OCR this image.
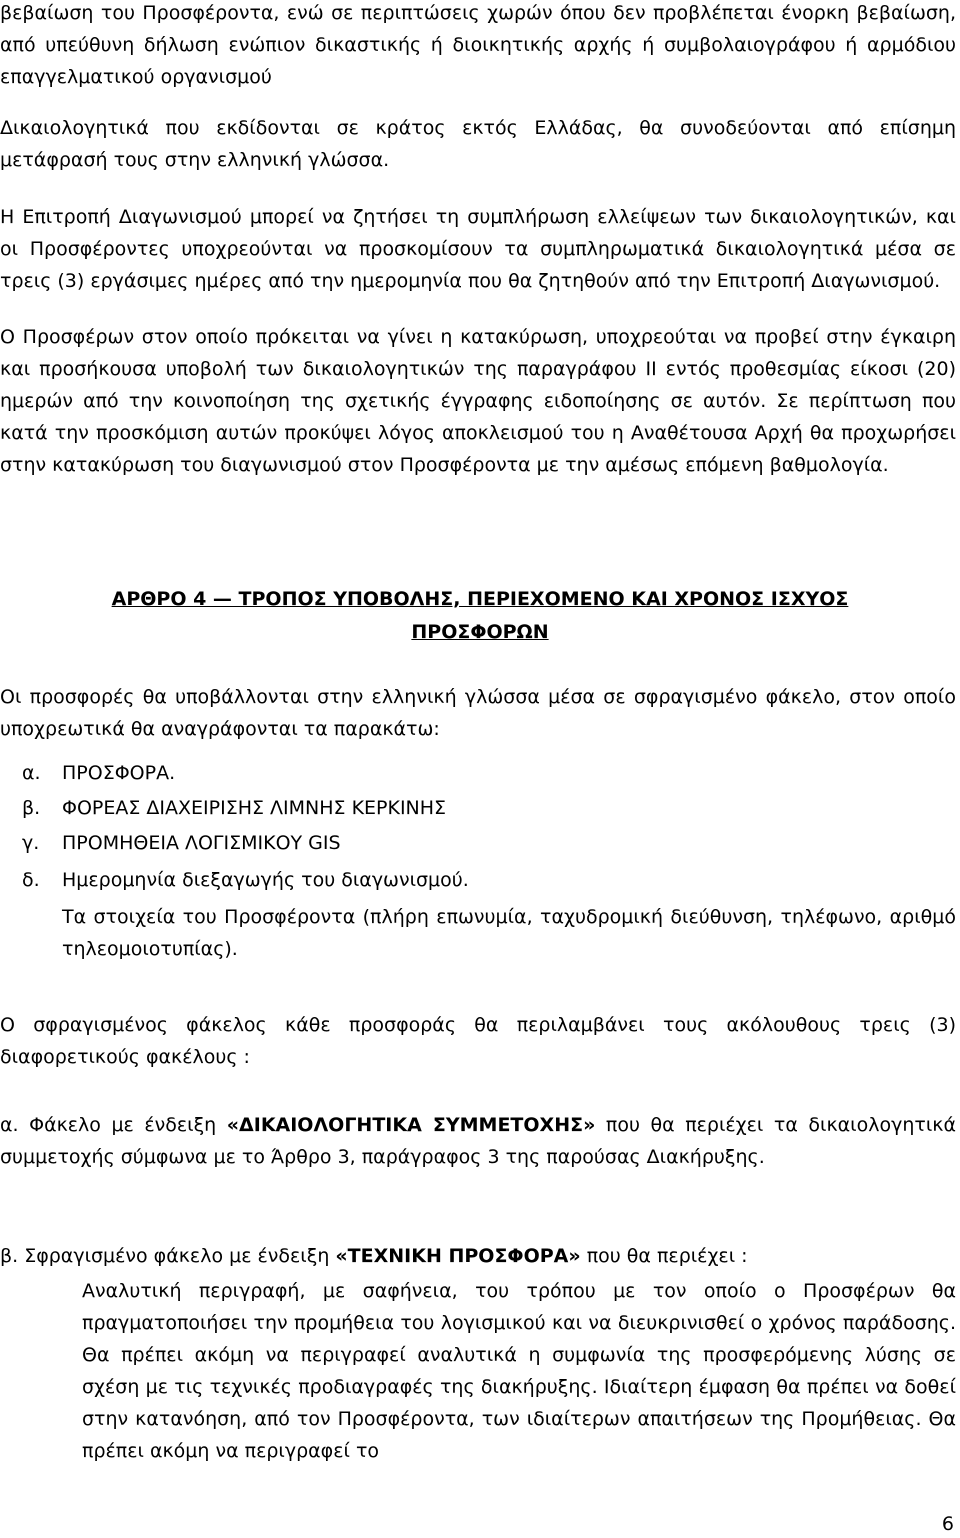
βεβαίωση του Προσφέροντα, ενώ σε περιπτώσεις χωρών όπου δεν προβλέπεται ένορκη βεβαίωση, από υπεύθυνη δήλωση ενώπιον δικαστικής ή διοικητικής αρχής ή συμβολαιογράφου ή αρμόδιου επαγγελματικού οργανισμού

Δικαιολογητικά που εκδίδονται σε κράτος εκτός Ελλάδας, θα συνοδεύονται από επίσημη μετάφρασή τους στην ελληνική γλώσσα.

Η Επιτροπή Διαγωνισμού μπορεί να ζητήσει τη συμπλήρωση ελλείψεων των δικαιολογητικών, και οι Προσφέροντες υποχρεούνται να προσκομίσουν τα συμπληρωματικά δικαιολογητικά μέσα σε τρεις (3) εργάσιμες ημέρες από την ημερομηνία που θα ζητηθούν από την Επιτροπή Διαγωνισμού.

Ο Προσφέρων στον οποίο πρόκειται να γίνει η κατακύρωση, υποχρεούται να προβεί στην έγκαιρη και προσήκουσα υποβολή των δικαιολογητικών της παραγράφου ΙΙ εντός προθεσμίας είκοσι (20) ημερών από την κοινοποίηση της σχετικής έγγραφης ειδοποίησης σε αυτόν. Σε περίπτωση που κατά την προσκόμιση αυτών προκύψει λόγος αποκλεισμού του η Αναθέτουσα Αρχή θα προχωρήσει στην κατακύρωση του διαγωνισμού στον Προσφέροντα με την αμέσως επόμενη βαθμολογία.

ΑΡΘΡΟ 4 — ΤΡΟΠΟΣ ΥΠΟΒΟΛΗΣ, ΠΕΡΙΕΧΟΜΕΝΟ ΚΑΙ ΧΡΟΝΟΣ ΙΣΧΥΟΣ
ΠΡΟΣΦΟΡΩΝ

Οι προσφορές θα υποβάλλονται στην ελληνική γλώσσα μέσα σε σφραγισμένο φάκελο, στον οποίο υποχρεωτικά θα αναγράφονται τα παρακάτω:

α. ΠΡΟΣΦΟΡΑ.
β. ΦΟΡΕΑΣ ΔΙΑΧΕΙΡΙΣΗΣ ΛΙΜΝΗΣ ΚΕΡΚΙΝΗΣ
γ. ΠΡΟΜΗΘΕΙΑ ΛΟΓΙΣΜΙΚΟΥ GIS
δ. Ημερομηνία διεξαγωγής του διαγωνισμού.
Τα στοιχεία του Προσφέροντα (πλήρη επωνυμία, ταχυδρομική διεύθυνση, τηλέφωνο, αριθμό τηλεομοιοτυπίας).

Ο σφραγισμένος φάκελος κάθε προσφοράς θα περιλαμβάνει τους ακόλουθους τρεις (3) διαφορετικούς φακέλους :

α. Φάκελο με ένδειξη «ΔΙΚΑΙΟΛΟΓΗΤΙΚΑ ΣΥΜΜΕΤΟΧΗΣ» που θα περιέχει τα δικαιολογητικά συμμετοχής σύμφωνα με το Άρθρο 3, παράγραφος 3 της παρούσας Διακήρυξης.

β. Σφραγισμένο φάκελο με ένδειξη «ΤΕΧΝΙΚΗ ΠΡΟΣΦΟΡΑ» που θα περιέχει :

Αναλυτική περιγραφή, με σαφήνεια, του τρόπου με τον οποίο ο Προσφέρων θα πραγματοποιήσει την προμήθεια του λογισμικού και να διευκρινισθεί ο χρόνος παράδοσης. Θα πρέπει ακόμη να περιγραφεί αναλυτικά η συμφωνία της προσφερόμενης λύσης σε σχέση με τις τεχνικές προδιαγραφές της διακήρυξης. Ιδιαίτερη έμφαση θα πρέπει να δοθεί στην κατανόηση, από τον Προσφέροντα, των ιδιαίτερων απαιτήσεων της Προμήθειας. Θα πρέπει ακόμη να περιγραφεί το

6
